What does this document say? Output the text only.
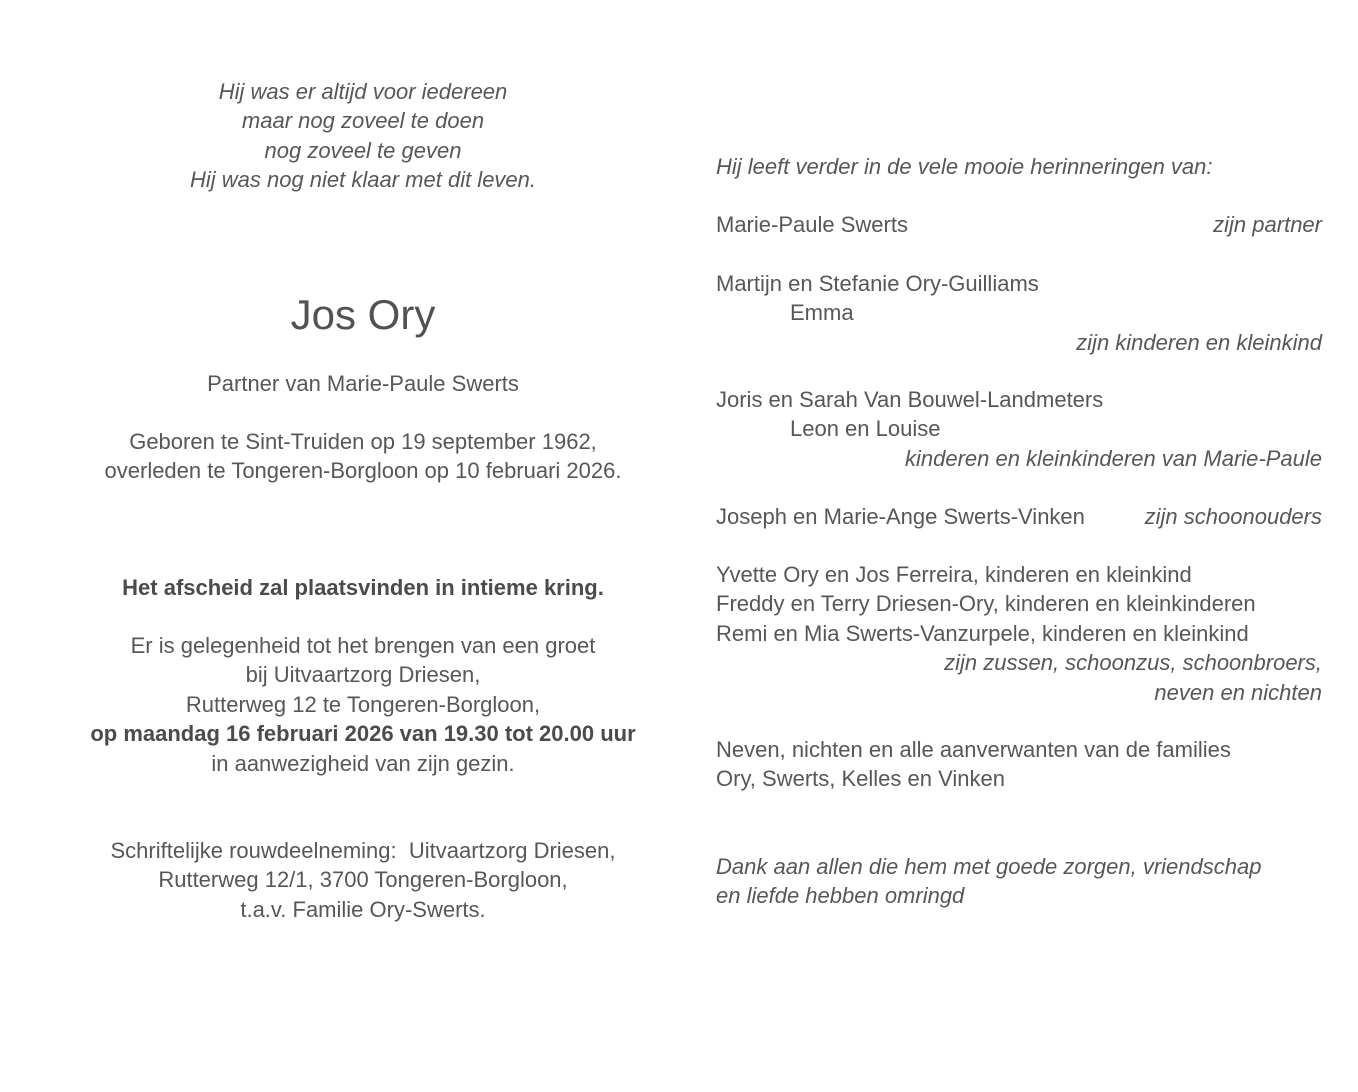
Hij was er altijd voor iedereen
maar nog zoveel te doen
nog zoveel te geven
Hij was nog niet klaar met dit leven.
Jos Ory
Partner van Marie-Paule Swerts
Geboren te Sint-Truiden op 19 september 1962,
overleden te Tongeren-Borgloon op 10 februari 2026.
Het afscheid zal plaatsvinden in intieme kring.
Er is gelegenheid tot het brengen van een groet
bij Uitvaartzorg Driesen,
Rutterweg 12 te Tongeren-Borgloon,
op maandag 16 februari 2026 van 19.30 tot 20.00 uur
in aanwezigheid van zijn gezin.
Schriftelijke rouwdeelneming:  Uitvaartzorg Driesen,
Rutterweg 12/1, 3700 Tongeren-Borgloon,
t.a.v. Familie Ory-Swerts.
Hij leeft verder in de vele mooie herinneringen van:
Marie-Paule Swerts	zijn partner
Martijn en Stefanie Ory-Guilliams
Emma
zijn kinderen en kleinkind
Joris en Sarah Van Bouwel-Landmeters
Leon en Louise
kinderen en kleinkinderen van Marie-Paule
Joseph en Marie-Ange Swerts-Vinken	zijn schoonouders
Yvette Ory en Jos Ferreira, kinderen en kleinkind
Freddy en Terry Driesen-Ory, kinderen en kleinkinderen
Remi en Mia Swerts-Vanzurpele, kinderen en kleinkind
zijn zussen, schoonzus, schoonbroers,
neven en nichten
Neven, nichten en alle aanverwanten van de families
Ory, Swerts, Kelles en Vinken
Dank aan allen die hem met goede zorgen, vriendschap
en liefde hebben omringd
